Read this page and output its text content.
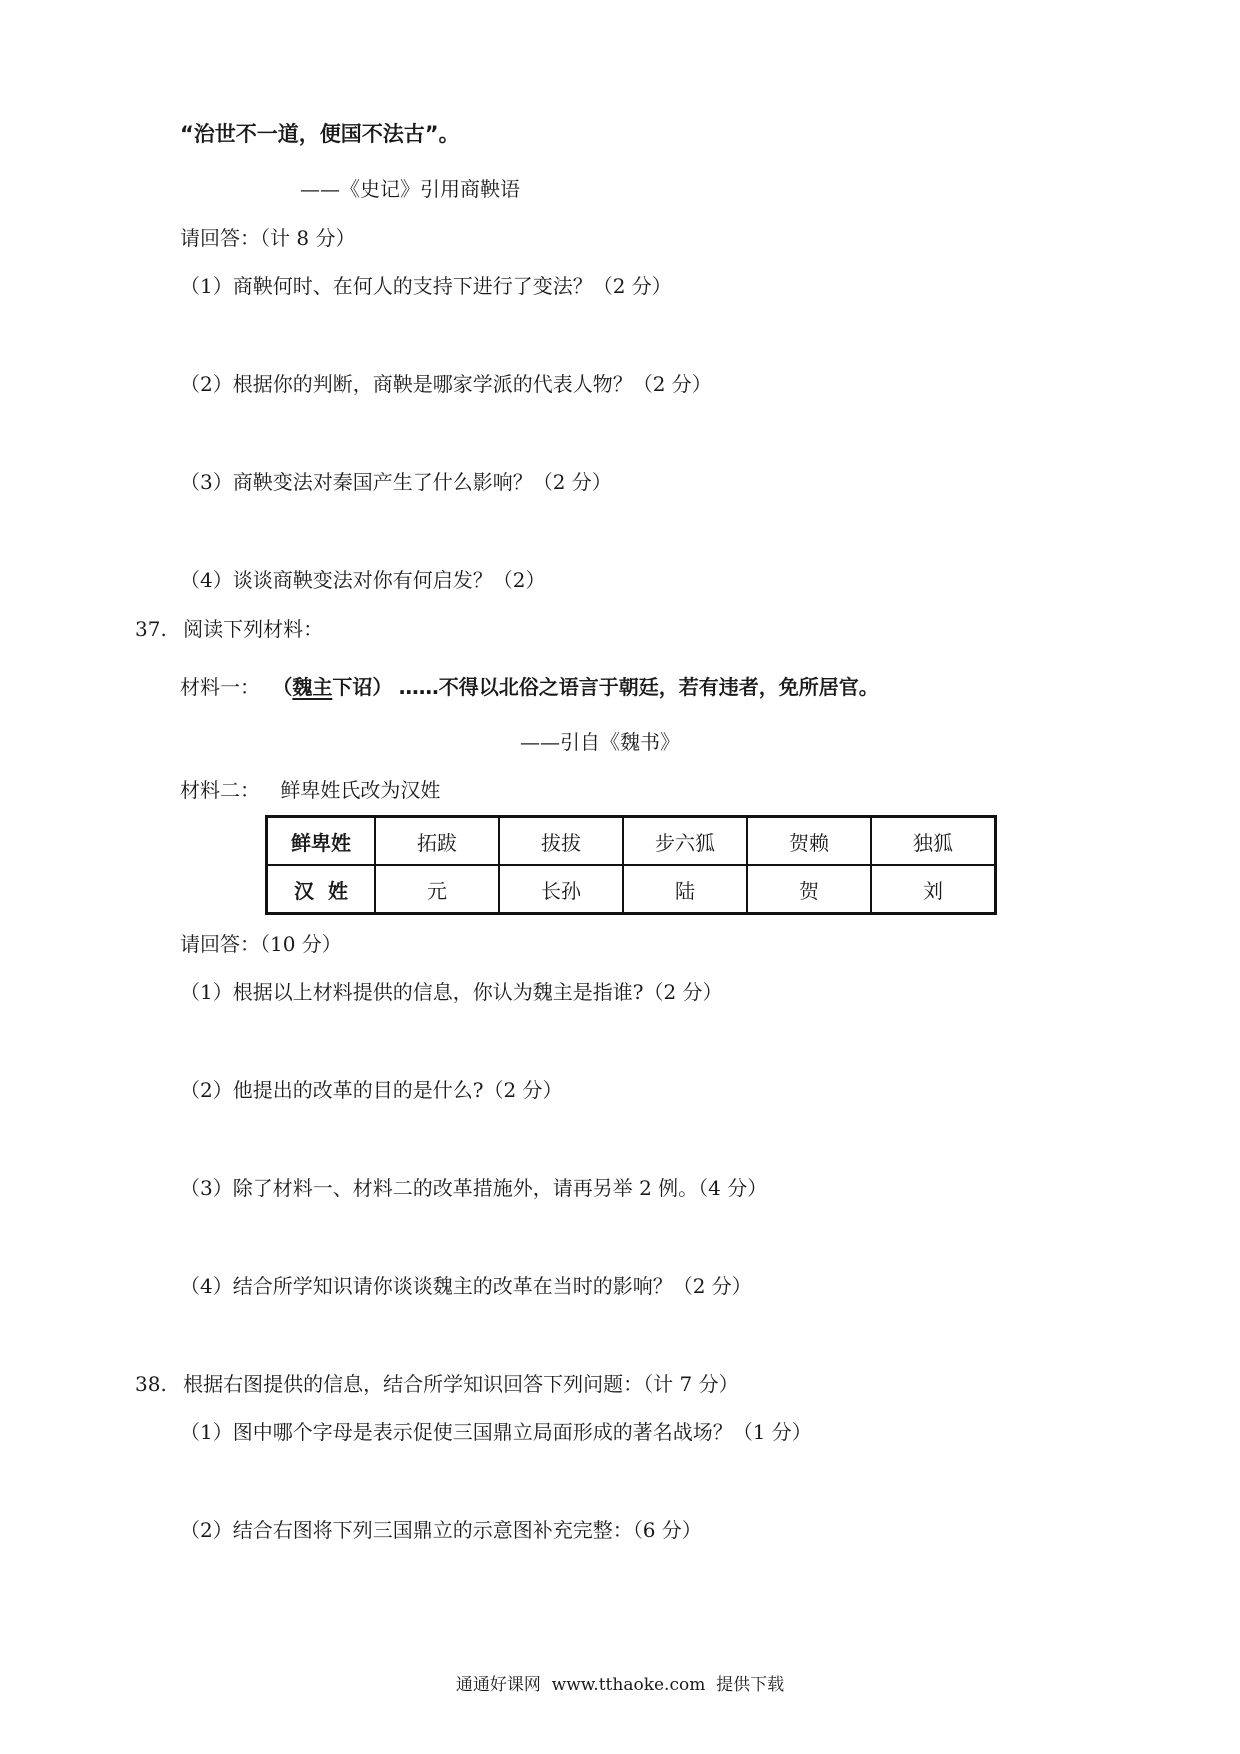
“治世不一道，便国不法古”。
——《史记》引用商鞅语
请回答：（计 8 分）
（1）商鞅何时、在何人的支持下进行了变法？（2 分）
（2）根据你的判断，商鞅是哪家学派的代表人物？（2 分）
（3）商鞅变法对秦国产生了什么影响？（2 分）
（4）谈谈商鞅变法对你有何启发？（2）
37. 阅读下列材料：
材料一： （魏主下诏） ……不得以北俗之语言于朝廷，若有违者，免所居官。
——引自《魏书》
材料二： 鲜卑姓氏改为汉姓
鲜卑姓	拓跋	拔拔	步六狐	贺赖	独狐
汉  姓	元	长孙	陆	贺	刘
请回答：（10 分）
（1）根据以上材料提供的信息，你认为魏主是指谁?（2 分）
（2）他提出的改革的目的是什么?（2 分）
（3）除了材料一、材料二的改革措施外，请再另举 2 例。（4 分）
（4）结合所学知识请你谈谈魏主的改革在当时的影响？（2 分）
38. 根据右图提供的信息，结合所学知识回答下列问题：（计 7 分）
（1）图中哪个字母是表示促使三国鼎立局面形成的著名战场？（1 分）
（2）结合右图将下列三国鼎立的示意图补充完整：（6 分）
通通好课网  www.tthaoke.com  提供下载
